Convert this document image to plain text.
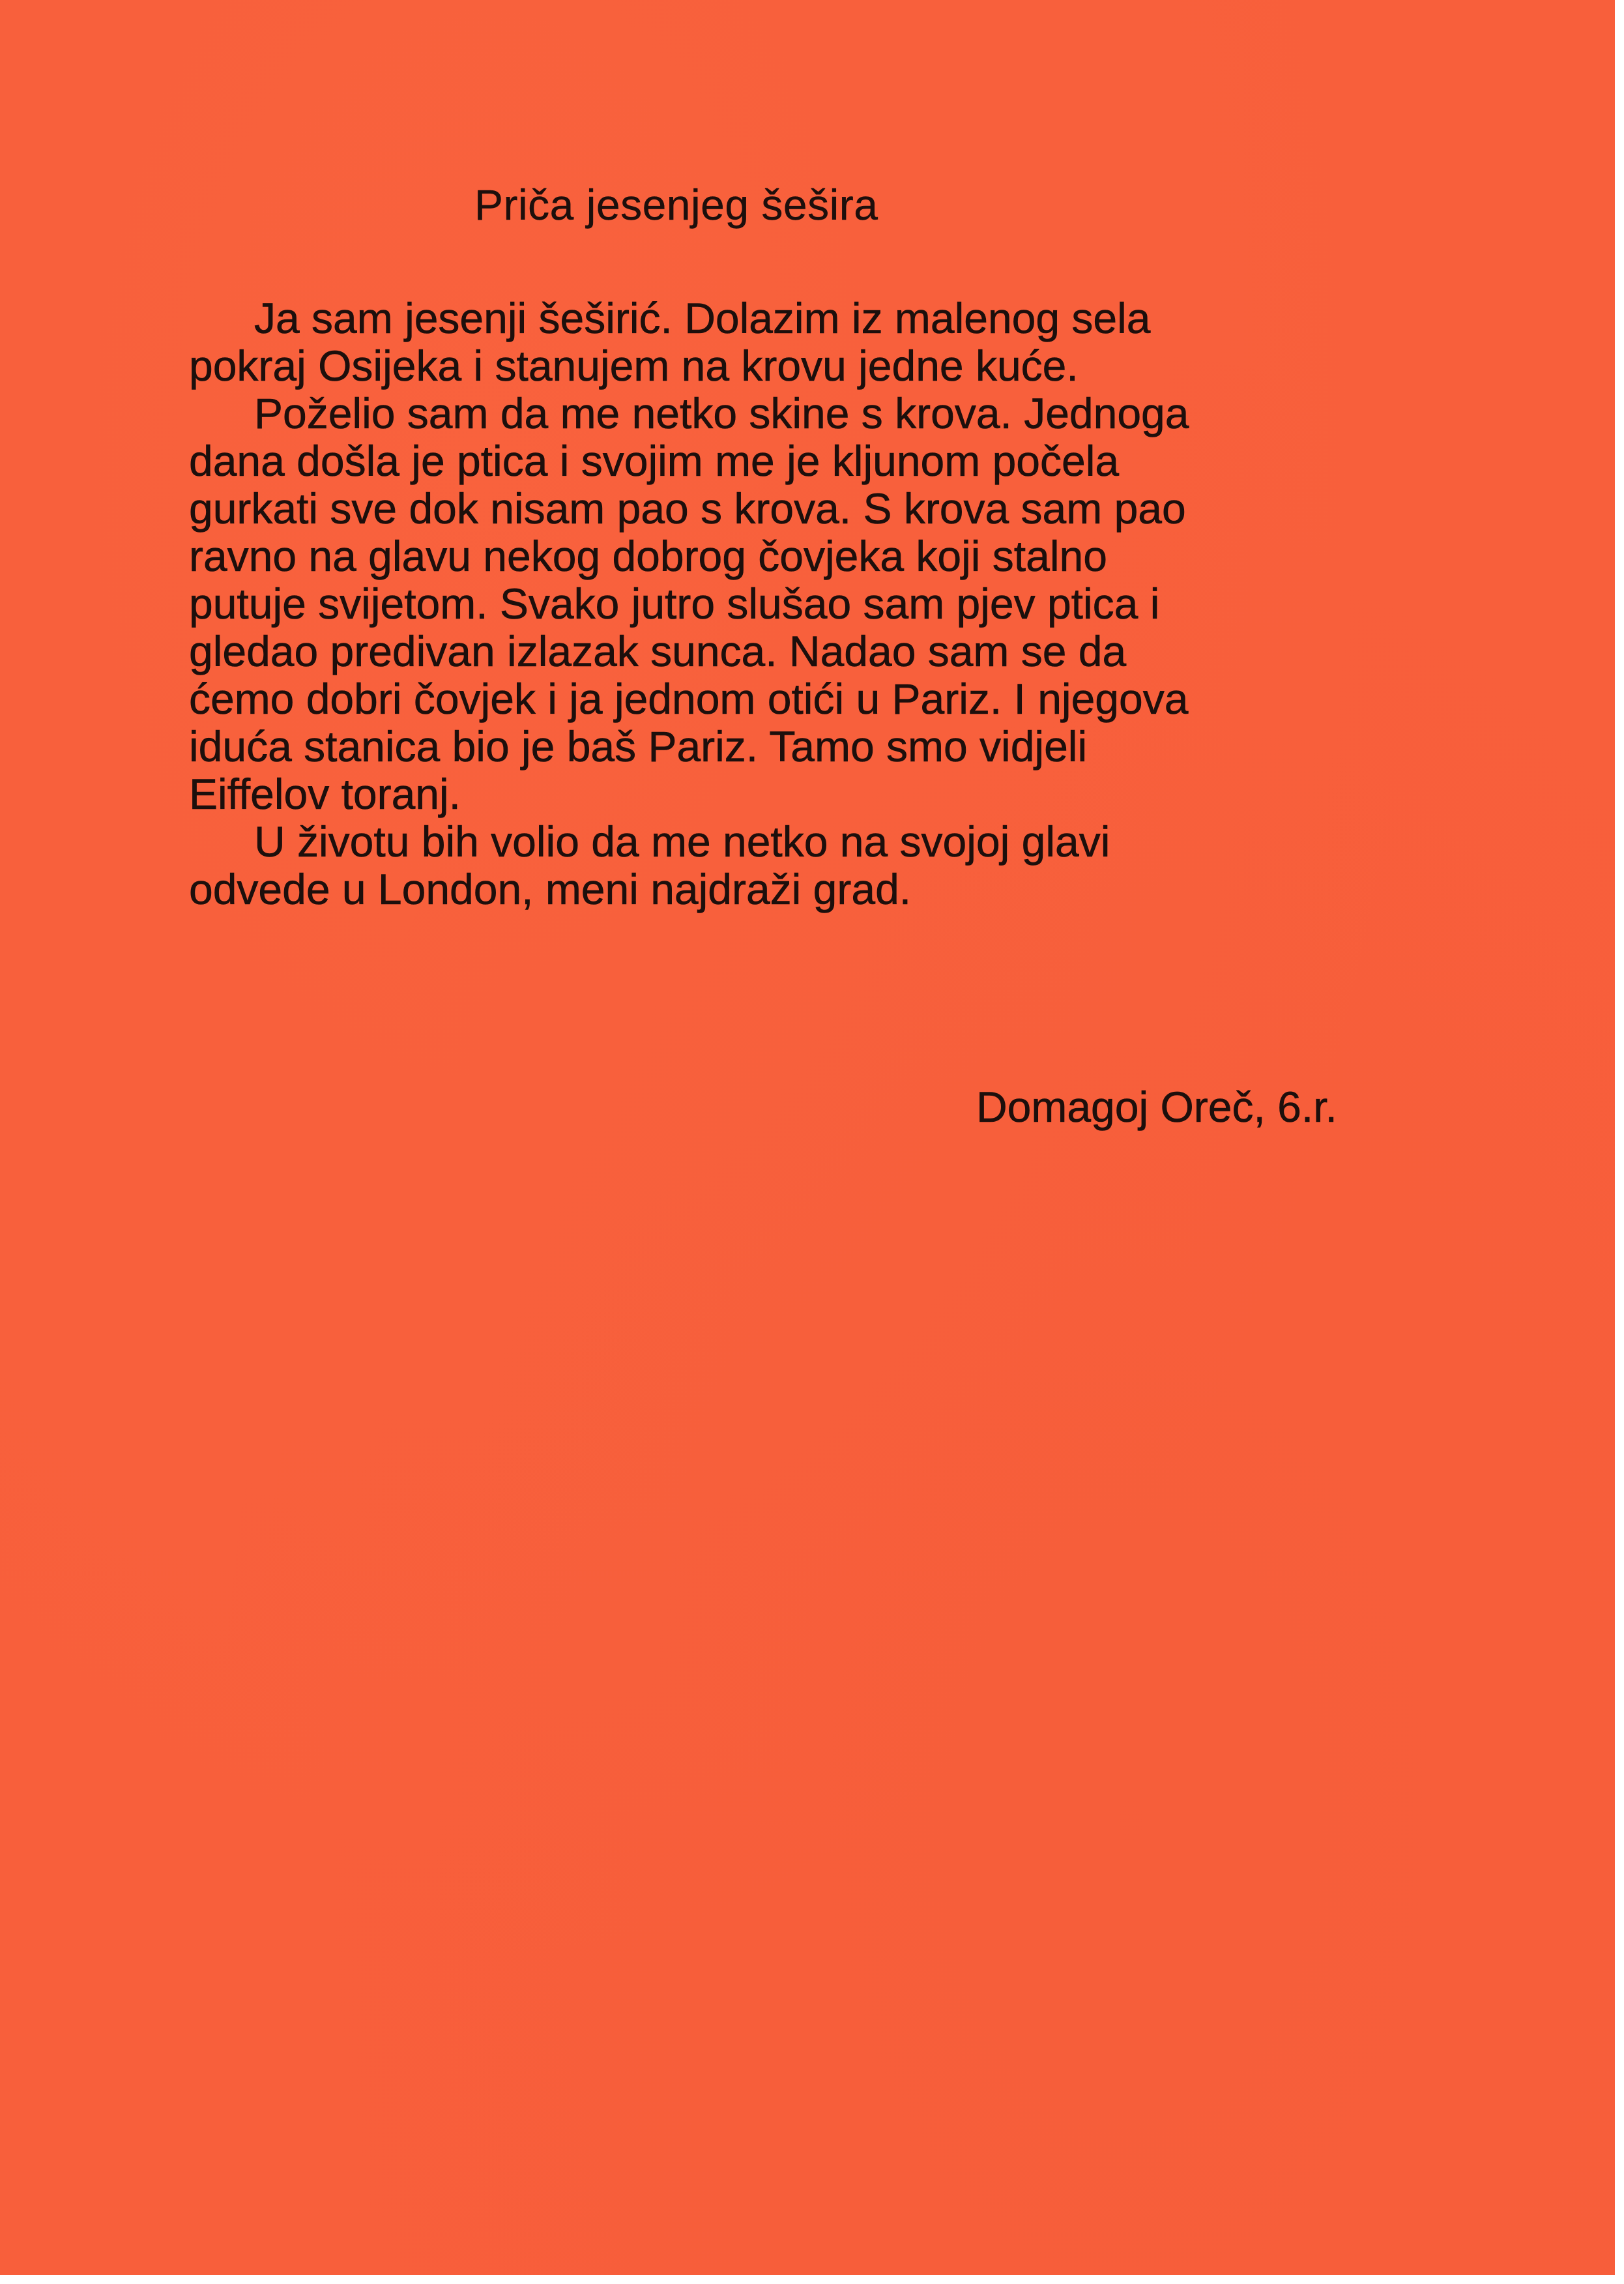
Priča jesenjeg šešira
Ja sam jesenji šeširić. Dolazim iz malenog sela
pokraj Osijeka i stanujem na krovu jedne kuće.
Poželio sam da me netko skine s krova. Jednoga
dana došla je ptica i svojim me je kljunom počela
gurkati sve dok nisam pao s krova. S krova sam pao
ravno na glavu nekog dobrog čovjeka koji stalno
putuje svijetom. Svako jutro slušao sam pjev ptica i
gledao predivan izlazak sunca. Nadao sam se da
ćemo dobri čovjek i ja jednom otići u Pariz. I njegova
iduća stanica bio je baš Pariz. Tamo smo vidjeli
Eiffelov toranj.
U životu bih volio da me netko na svojoj glavi
odvede u London, meni najdraži grad.
Domagoj Oreč, 6.r.
